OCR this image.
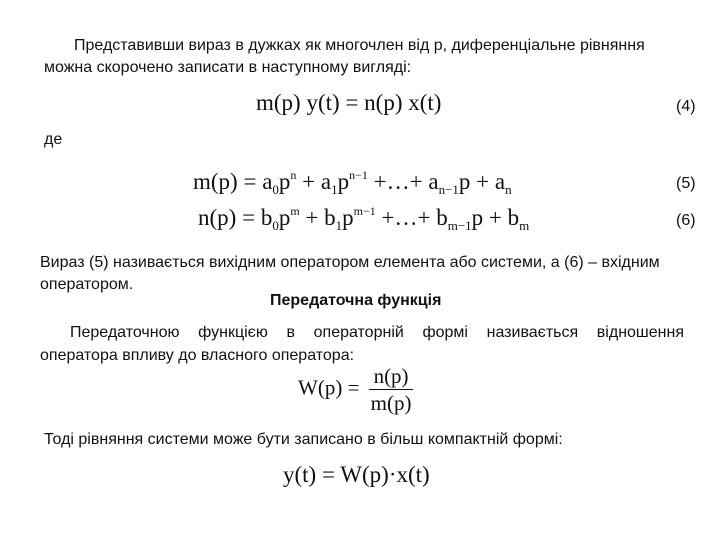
Представивши вираз в дужках як многочлен від p, диференціальне рівняння
можна скорочено записати в наступному вигляді:
m(p) y(t) = n(p) x(t)	(4)
де
$m(p) = a_0p^n + a_1p^{n-1}$ +…+ $a_{n-1}p + a_n$	(5)
$n(p) = b_0p^m + b_1p^{m-1}$ +…+ $b_{m-1}p + b_m$	(6)
Вираз (5) називається вихідним оператором елемента або системи, а (6) – вхідним
оператором.
Передаточна функція
Передаточною функцією в операторній формі називається відношення
оператора впливу до власного оператора:
$W(p) = \frac{n(p)}{m(p)}$
Тоді рівняння системи може бути записано в більш компактній формі:
y(t) = W(p)·x(t)
